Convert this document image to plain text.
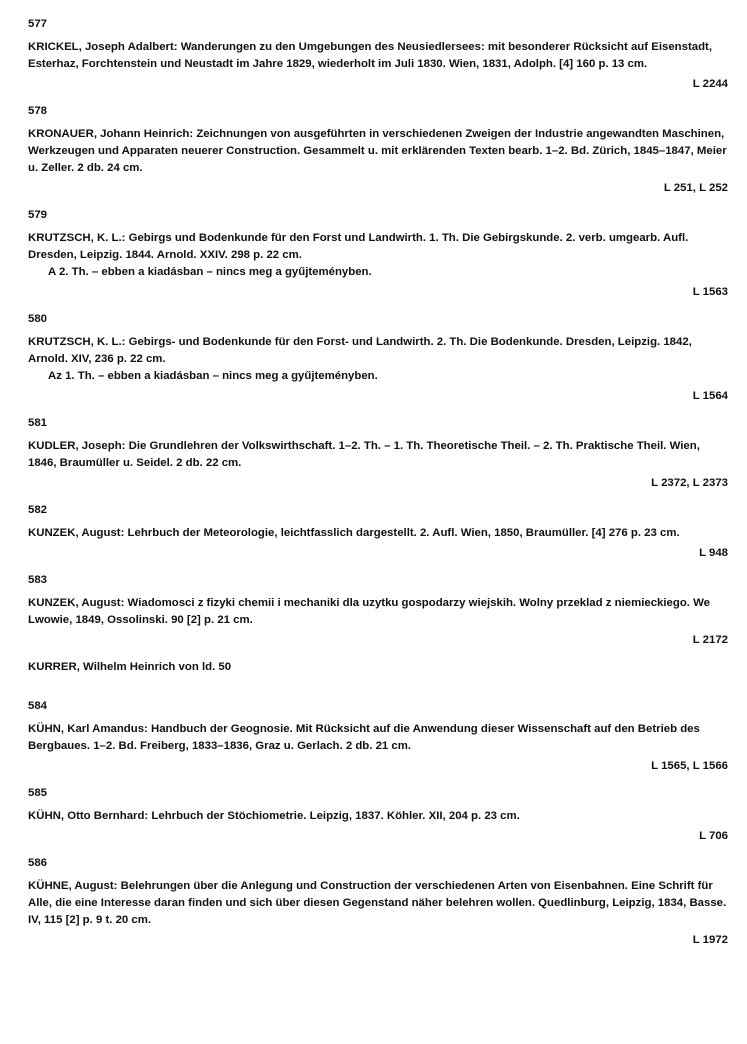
577

KRICKEL, Joseph Adalbert: Wanderungen zu den Umgebungen des Neusiedlersees: mit besonderer Rücksicht auf Eisenstadt, Esterhaz, Forchtenstein und Neustadt im Jahre 1829, wiederholt im Juli 1830. Wien, 1831, Adolph. [4] 160 p. 13 cm.

L 2244
578

KRONAUER, Johann Heinrich: Zeichnungen von ausgeführten in verschiedenen Zweigen der Industrie angewandten Maschinen, Werkzeugen und Apparaten neuerer Construction. Gesammelt u. mit erklärenden Texten bearb. 1–2. Bd. Zürich, 1845–1847, Meier u. Zeller. 2 db. 24 cm.

L 251, L 252
579

KRUTZSCH, K. L.: Gebirgs und Bodenkunde für den Forst und Landwirth. 1. Th. Die Gebirgskunde. 2. verb. umgearb. Aufl. Dresden, Leipzig. 1844. Arnold. XXIV. 298 p. 22 cm.

A 2. Th. – ebben a kiadásban – nincs meg a gyűjteményben.

L 1563
580

KRUTZSCH, K. L.: Gebirgs- und Bodenkunde für den Forst- und Landwirth. 2. Th. Die Bodenkunde. Dresden, Leipzig. 1842, Arnold. XIV, 236 p. 22 cm.

Az 1. Th. – ebben a kiadásban – nincs meg a gyűjteményben.

L 1564
581

KUDLER, Joseph: Die Grundlehren der Volkswirthschaft. 1–2. Th. – 1. Th. Theoretische Theil. – 2. Th. Praktische Theil. Wien, 1846, Braumüller u. Seidel. 2 db. 22 cm.

L 2372, L 2373
582

KUNZEK, August: Lehrbuch der Meteorologie, leichtfasslich dargestellt. 2. Aufl. Wien, 1850, Braumüller. [4] 276 p. 23 cm.

L 948
583

KUNZEK, August: Wiadomosci z fizyki chemii i mechaniki dla uzytku gospodarzy wiejskih. Wolny przeklad z niemieckiego. We Lwowie, 1849, Ossolinski. 90 [2] p. 21 cm.

L 2172
KURRER, Wilhelm Heinrich von ld. 50
584

KÜHN, Karl Amandus: Handbuch der Geognosie. Mit Rücksicht auf die Anwendung dieser Wissenschaft auf den Betrieb des Bergbaues. 1–2. Bd. Freiberg, 1833–1836, Graz u. Gerlach. 2 db. 21 cm.

L 1565, L 1566
585

KÜHN, Otto Bernhard: Lehrbuch der Stöchiometrie. Leipzig, 1837. Köhler. XII, 204 p. 23 cm.

L 706
586

KÜHNE, August: Belehrungen über die Anlegung und Construction der verschiedenen Arten von Eisenbahnen. Eine Schrift für Alle, die eine Interesse daran finden und sich über diesen Gegenstand näher belehren wollen. Quedlinburg, Leipzig, 1834, Basse. IV, 115 [2] p. 9 t. 20 cm.

L 1972
